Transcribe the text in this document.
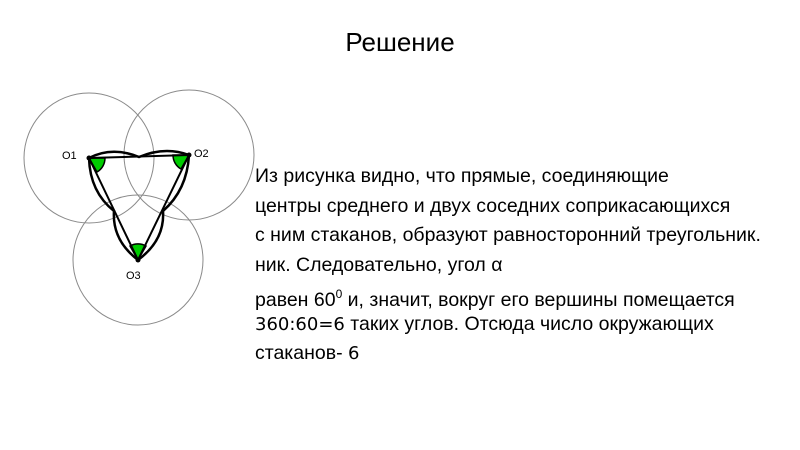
Решение
O1	O2
O3
Из рисунка видно, что прямые, соединяющие
центры среднего и двух соседних соприкасающихся
с ним стаканов, образуют равносторонний треугольник.
ник. Следовательно, угол α
равен $60^0$ и, значит, вокруг его вершины помещается
360:60=6 таких углов. Отсюда число окружающих
стаканов- 6
